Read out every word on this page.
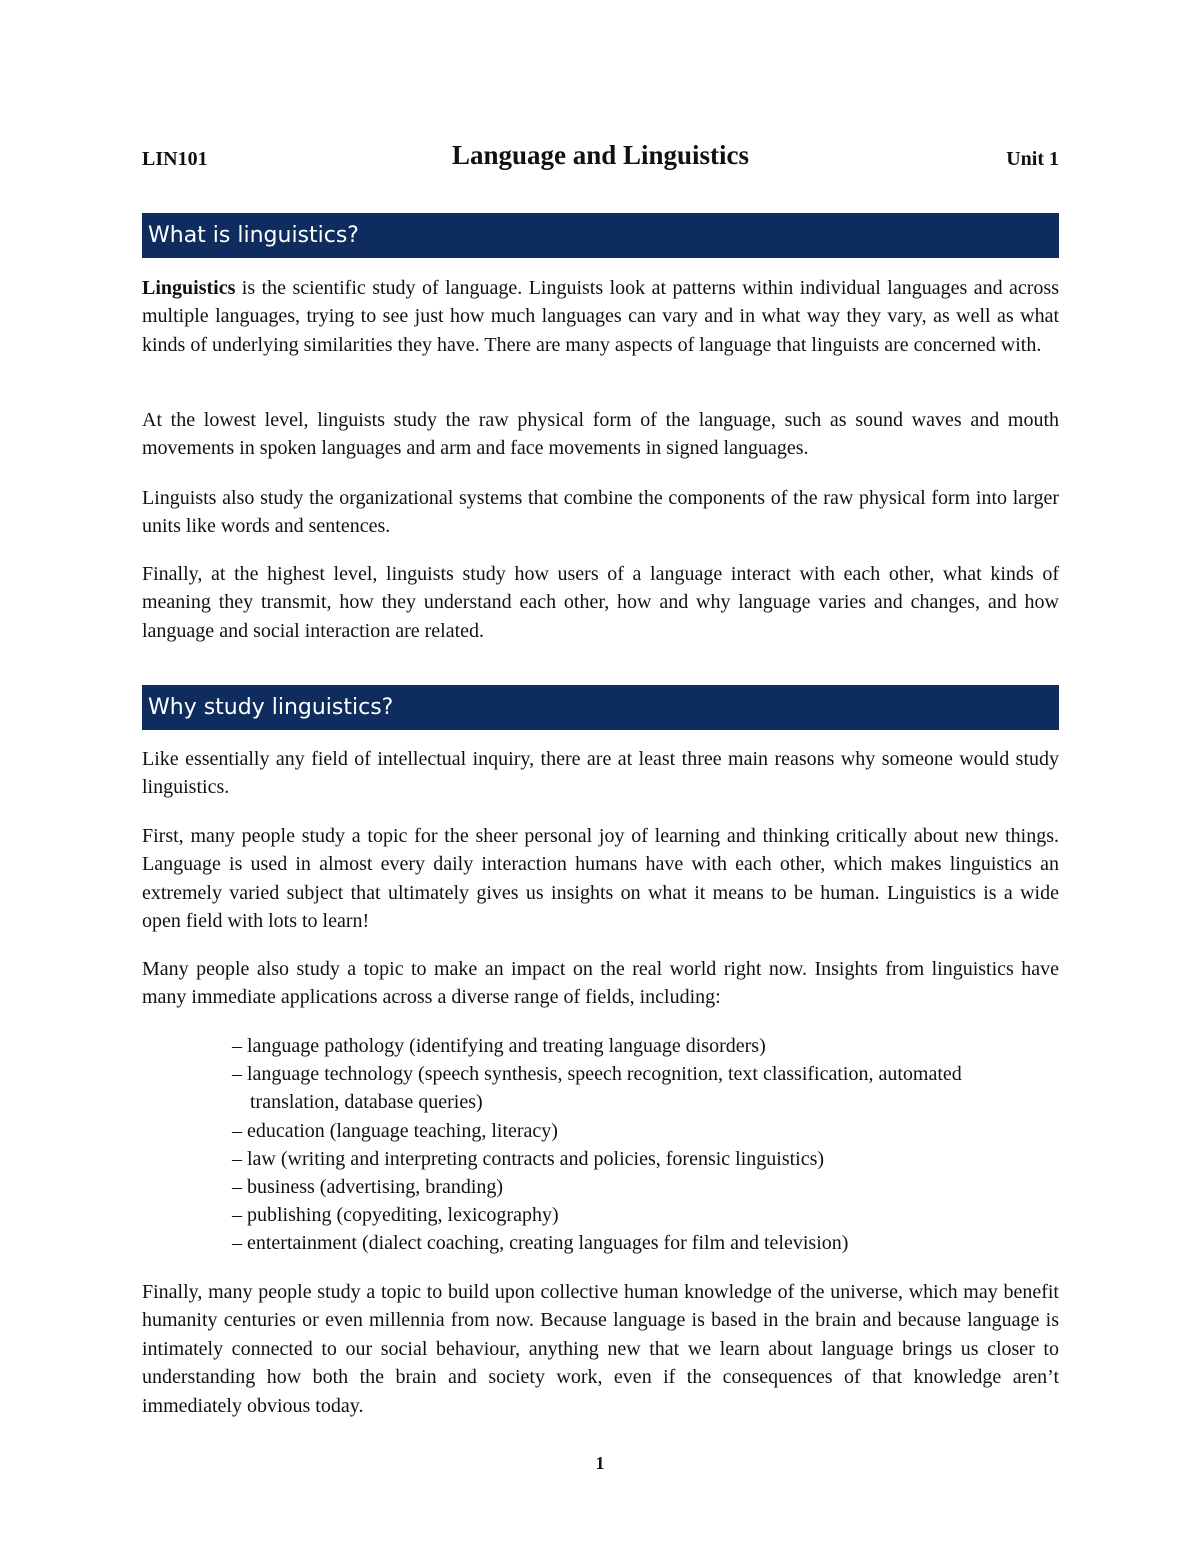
LIN101	Language and Linguistics	Unit 1
What is linguistics?

Linguistics is the scientific study of language. Linguists look at patterns within individual languages and across multiple languages, trying to see just how much languages can vary and in what way they vary, as well as what kinds of underlying similarities they have. There are many aspects of language that linguists are concerned with.

At the lowest level, linguists study the raw physical form of the language, such as sound waves and mouth movements in spoken languages and arm and face movements in signed languages.

Linguists also study the organizational systems that combine the components of the raw physical form into larger units like words and sentences.

Finally, at the highest level, linguists study how users of a language interact with each other, what kinds of meaning they transmit, how they understand each other, how and why language varies and changes, and how language and social interaction are related.

Why study linguistics?

Like essentially any field of intellectual inquiry, there are at least three main reasons why someone would study linguistics.

First, many people study a topic for the sheer personal joy of learning and thinking critically about new things. Language is used in almost every daily interaction humans have with each other, which makes linguistics an extremely varied subject that ultimately gives us insights on what it means to be human. Linguistics is a wide open field with lots to learn!

Many people also study a topic to make an impact on the real world right now. Insights from linguistics have many immediate applications across a diverse range of fields, including:

– language pathology (identifying and treating language disorders)
– language technology (speech synthesis, speech recognition, text classification, automated translation, database queries)
– education (language teaching, literacy)
– law (writing and interpreting contracts and policies, forensic linguistics)
– business (advertising, branding)
– publishing (copyediting, lexicography)
– entertainment (dialect coaching, creating languages for film and television)

Finally, many people study a topic to build upon collective human knowledge of the universe, which may benefit humanity centuries or even millennia from now. Because language is based in the brain and because language is intimately connected to our social behaviour, anything new that we learn about language brings us closer to understanding how both the brain and society work, even if the consequences of that knowledge aren’t immediately obvious today.

1
